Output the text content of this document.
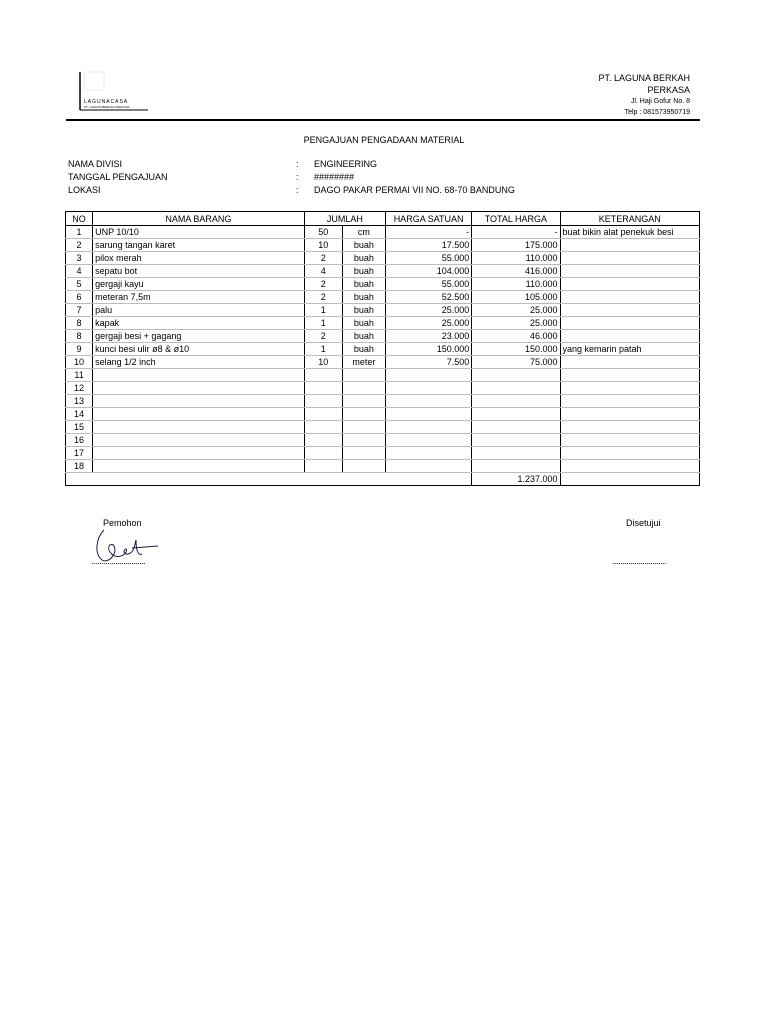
LAGUNACASA
PT. LAGUNA BERKAH PERKASA
PT. LAGUNA BERKAH
PERKASA
Jl. Haji Gofur No. 8
Telp : 081573950719
PENGAJUAN PENGADAAN MATERIAL
NAMA DIVISI	: ENGINEERING
TANGGAL PENGAJUAN	: ########
LOKASI	: DAGO PAKAR PERMAI VII NO. 68-70 BANDUNG
NO	NAMA BARANG	JUMLAH		HARGA SATUAN	TOTAL HARGA	KETERANGAN
1	UNP 10/10	50	cm	-	-	buat bikin alat penekuk besi
2	sarung tangan karet	10	buah	17.500	175.000	
3	pilox merah	2	buah	55.000	110.000	
4	sepatu bot	4	buah	104.000	416.000	
5	gergaji kayu	2	buah	55.000	110.000	
6	meteran 7,5m	2	buah	52.500	105.000	
7	palu	1	buah	25.000	25.000	
8	kapak	1	buah	25.000	25.000	
8	gergaji besi + gagang	2	buah	23.000	46.000	
9	kunci besi ulir ø8 & ø10	1	buah	150.000	150.000	yang kemarin patah
10	selang 1/2 inch	10	meter	7.500	75.000	
11						
12						
13						
14						
15						
16						
17						
18						
					1.237.000	
Pemohon	Disetujui
...........................	...........................
